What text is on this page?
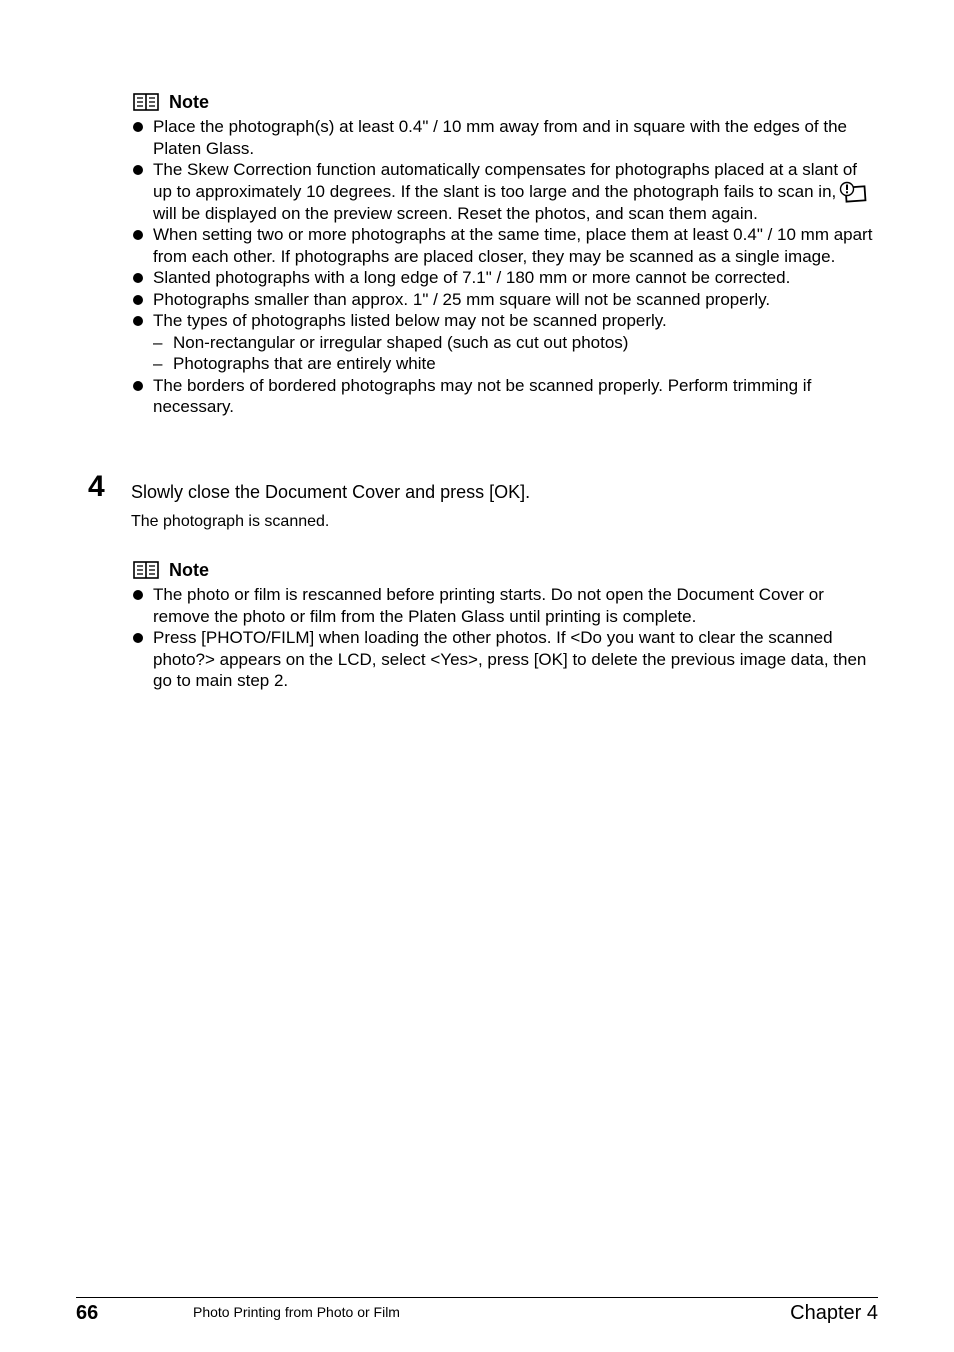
Note
Place the photograph(s) at least 0.4" / 10 mm away from and in square with the edges of the Platen Glass.
The Skew Correction function automatically compensates for photographs placed at a slant of up to approximately 10 degrees. If the slant is too large and the photograph fails to scan in,will be displayed on the preview screen. Reset the photos, and scan them again.
When setting two or more photographs at the same time, place them at least 0.4" / 10 mm apart from each other. If photographs are placed closer, they may be scanned as a single image.
Slanted photographs with a long edge of 7.1" / 180 mm or more cannot be corrected.
Photographs smaller than approx. 1" / 25 mm square will not be scanned properly.
The types of photographs listed below may not be scanned properly.
– Non-rectangular or irregular shaped (such as cut out photos)
– Photographs that are entirely white
The borders of bordered photographs may not be scanned properly. Perform trimming if necessary.
4 Slowly close the Document Cover and press [OK].
The photograph is scanned.
Note
The photo or film is rescanned before printing starts. Do not open the Document Cover or remove the photo or film from the Platen Glass until printing is complete.
Press [PHOTO/FILM] when loading the other photos. If <Do you want to clear the scanned photo?> appears on the LCD, select <Yes>, press [OK] to delete the previous image data, then go to main step 2.
66	Photo Printing from Photo or Film	Chapter 4
